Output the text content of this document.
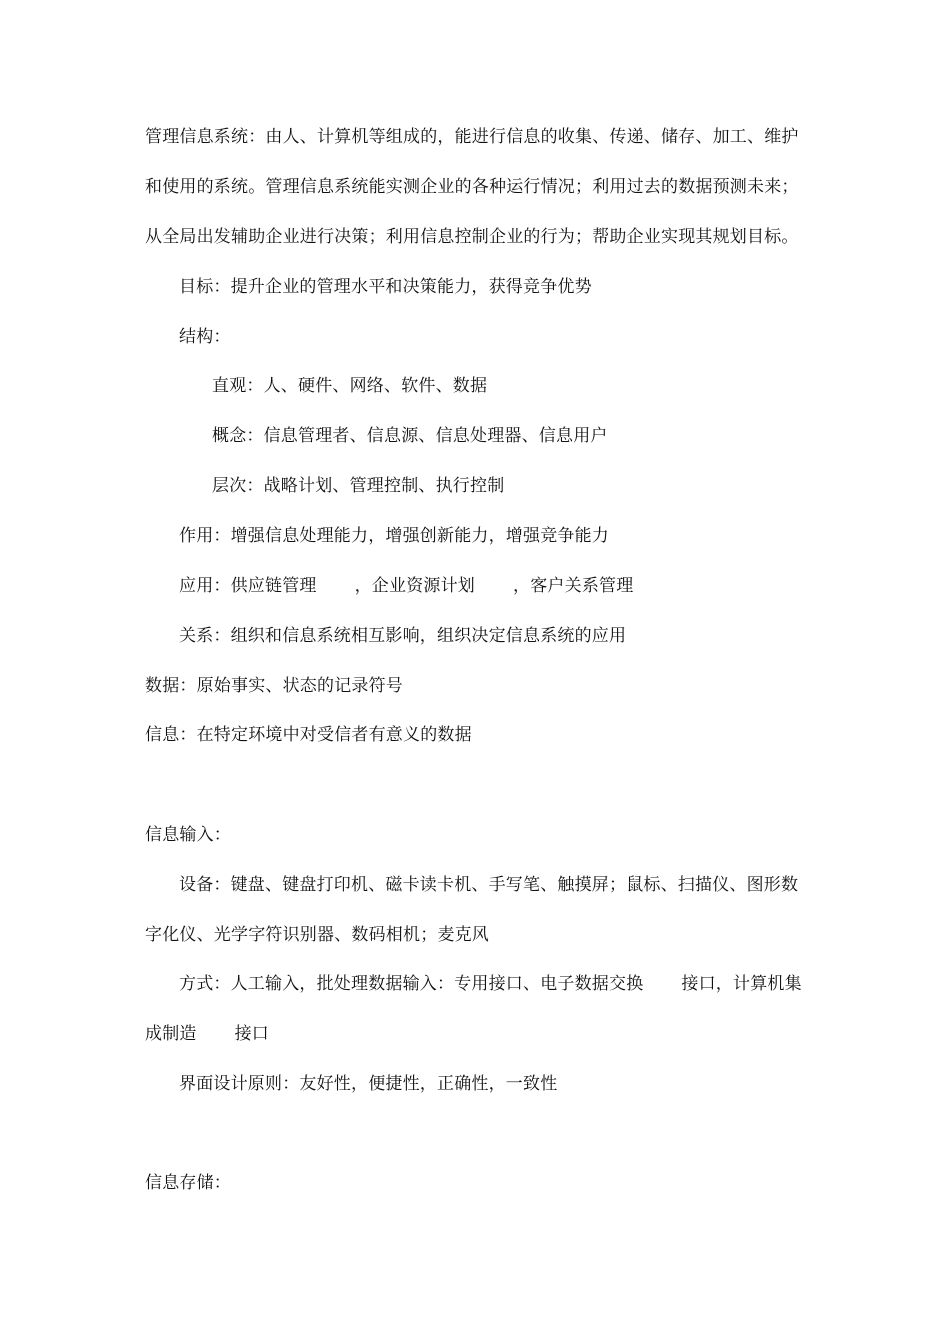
管理信息系统：由人、计算机等组成的，能进行信息的收集、传递、储存、加工、维护
和使用的系统。管理信息系统能实测企业的各种运行情况；利用过去的数据预测未来；
从全局出发辅助企业进行决策；利用信息控制企业的行为；帮助企业实现其规划目标。
目标：提升企业的管理水平和决策能力，获得竞争优势
结构：
直观：人、硬件、网络、软件、数据
概念：信息管理者、信息源、信息处理器、信息用户
层次：战略计划、管理控制、执行控制
作用：增强信息处理能力，增强创新能力，增强竞争能力
应用：供应链管理 ，企业资源计划 ，客户关系管理
关系：组织和信息系统相互影响，组织决定信息系统的应用
数据：原始事实、状态的记录符号
信息：在特定环境中对受信者有意义的数据
信息输入：
设备：键盘、键盘打印机、磁卡读卡机、手写笔、触摸屏；鼠标、扫描仪、图形数
字化仪、光学字符识别器、数码相机；麦克风
方式：人工输入，批处理数据输入：专用接口、电子数据交换 接口，计算机集
成制造 接口
界面设计原则：友好性，便捷性，正确性，一致性
信息存储：
